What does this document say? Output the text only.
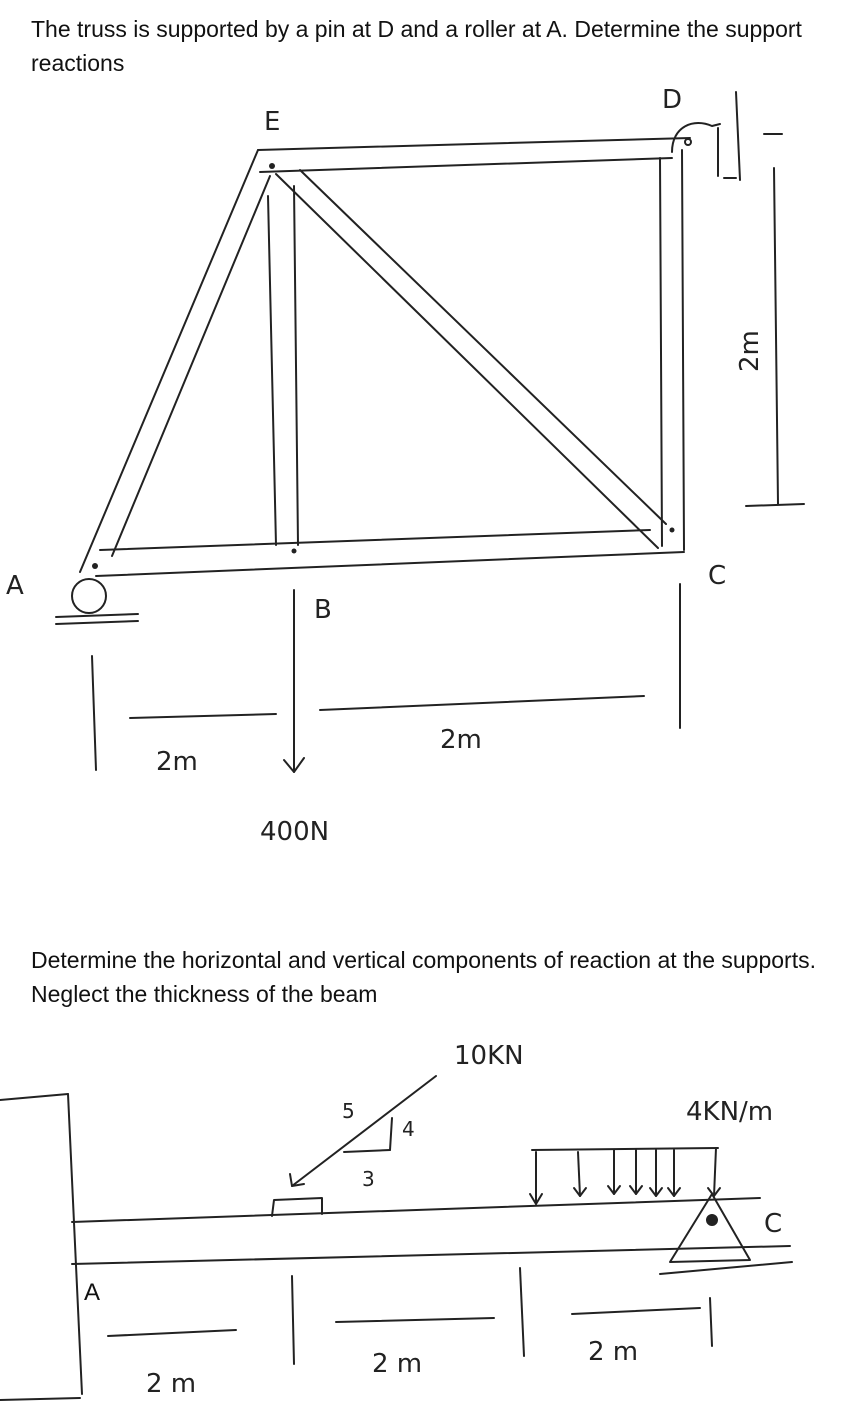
The truss is supported by a pin at D and a roller at A. Determine the support reactions

A
B
C
D
E
2m
2m
2m
400N

Determine the horizontal and vertical components of reaction at the supports. Neglect the thickness of the beam

A
C
10KN
5
4
3
4KN/m
2 m
2 m	2 m
